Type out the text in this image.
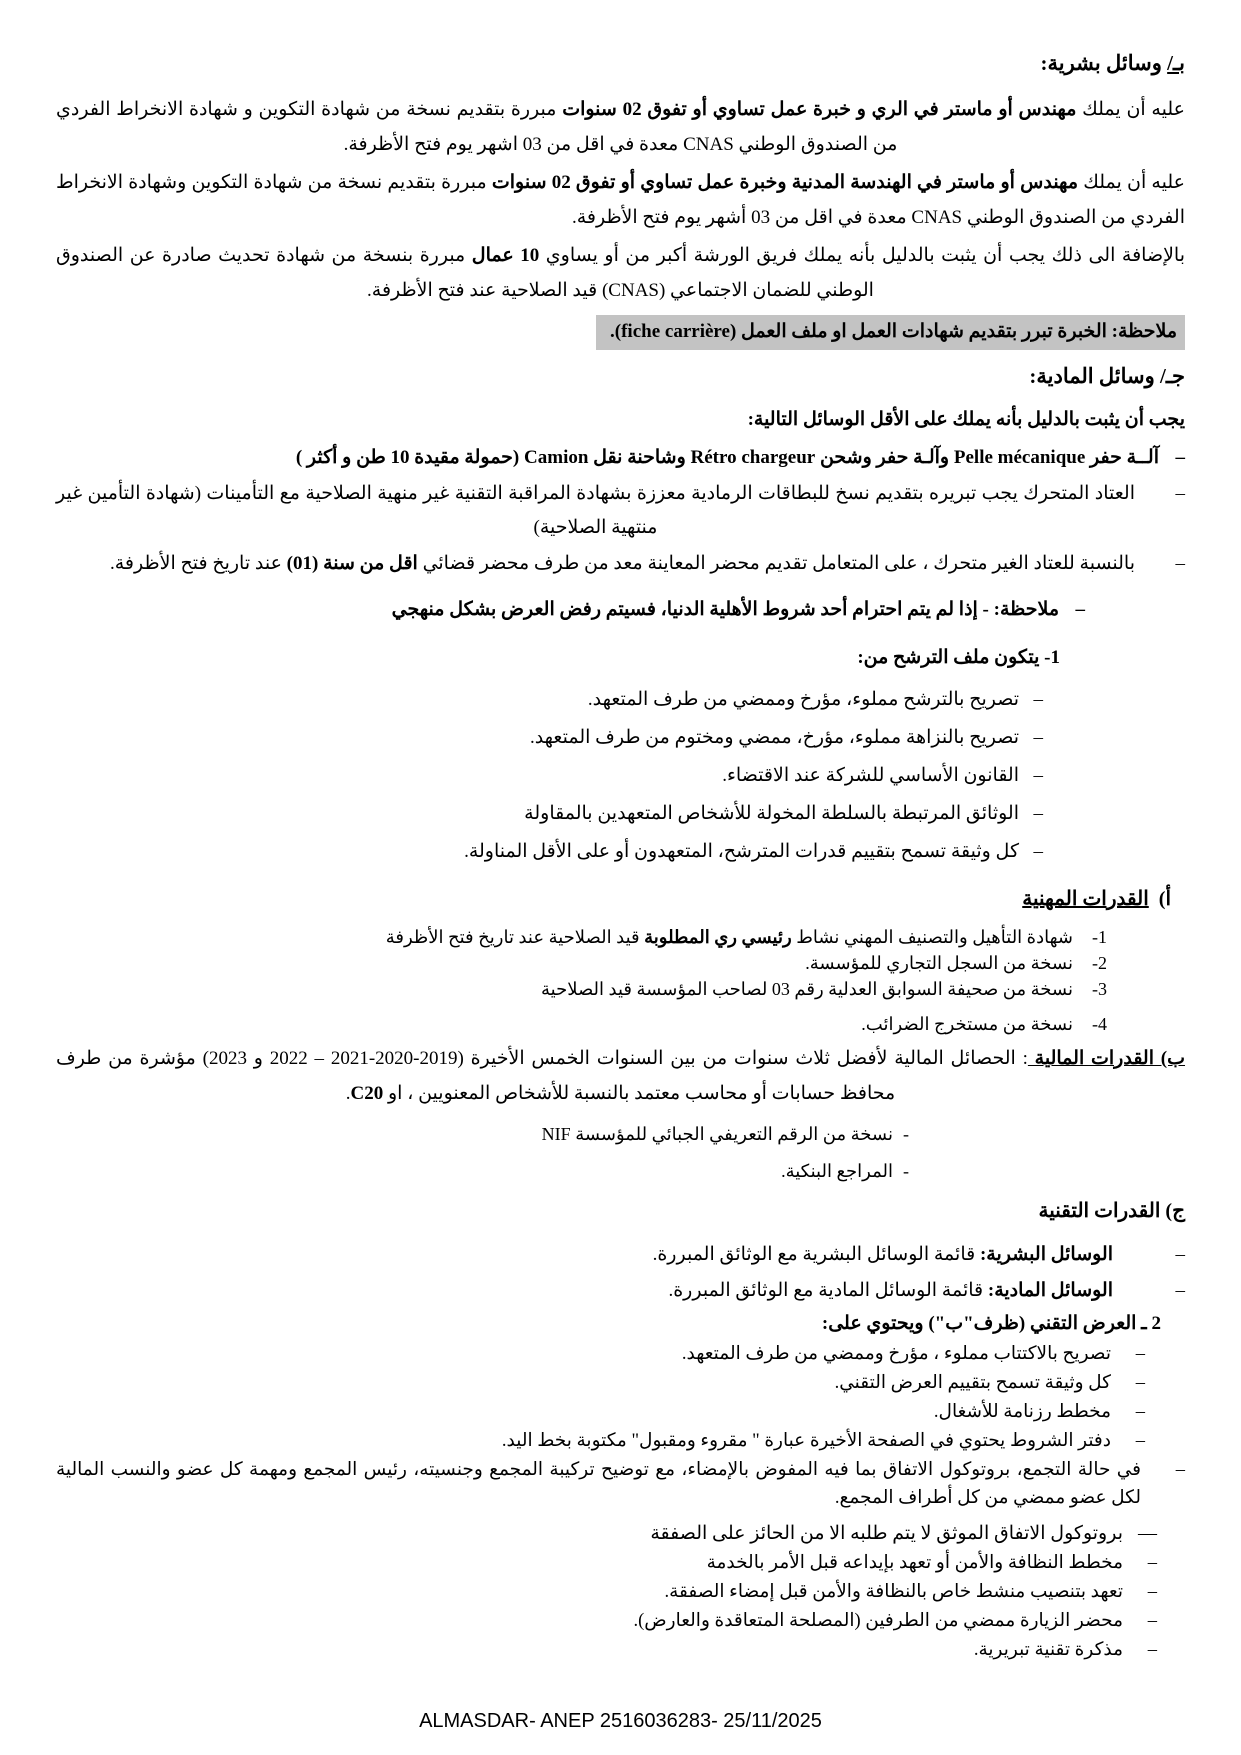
بـ/ وسائل بشرية:

عليه أن يملك مهندس أو ماستر في الري و خبرة عمل تساوي أو تفوق 02 سنوات مبررة بتقديم نسخة من شهادة التكوين و شهادة الانخراط الفردي من الصندوق الوطني CNAS معدة في اقل من 03 اشهر يوم فتح الأظرفة.

عليه أن يملك مهندس أو ماستر في الهندسة المدنية وخبرة عمل تساوي أو تفوق 02 سنوات مبررة بتقديم نسخة من شهادة التكوين وشهادة الانخراط الفردي من الصندوق الوطني CNAS معدة في اقل من 03 أشهر يوم فتح الأظرفة.

بالإضافة الى ذلك يجب أن يثبت بالدليل بأنه يملك فريق الورشة أكبر من أو يساوي 10 عمال مبررة بنسخة من شهادة تحديث صادرة عن الصندوق الوطني للضمان الاجتماعي (CNAS) قيد الصلاحية عند فتح الأظرفة.

ملاحظة: الخبرة تبرر بتقديم شهادات العمل او ملف العمل (fiche carrière).
جـ/ وسائل المادية:
يجب أن يثبت بالدليل بأنه يملك على الأقل الوسائل التالية:
–
آلــة حفر Pelle mécanique وآلـة حفر وشحن Rétro chargeur وشاحنة نقل Camion (حمولة مقيدة 10 طن و أكثر )
–
العتاد المتحرك يجب تبريره بتقديم نسخ للبطاقات الرمادية معززة بشهادة المراقبة التقنية غير منهية الصلاحية مع التأمينات (شهادة التأمين غير منتهية الصلاحية)
–
بالنسبة للعتاد الغير متحرك ، على المتعامل تقديم محضر المعاينة معد من طرف محضر قضائي اقل من سنة (01) عند تاريخ فتح الأظرفة.
–
ملاحظة: - إذا لم يتم احترام أحد شروط الأهلية الدنيا، فسيتم رفض العرض بشكل منهجي
1- يتكون ملف الترشح من:
–
تصريح بالترشح مملوء، مؤرخ وممضي من طرف المتعهد.
–
تصريح بالنزاهة مملوء، مؤرخ، ممضي ومختوم من طرف المتعهد.
–
القانون الأساسي للشركة عند الاقتضاء.
–
الوثائق المرتبطة بالسلطة المخولة للأشخاص المتعهدين بالمقاولة
–
كل وثيقة تسمح بتقييم قدرات المترشح، المتعهدون أو على الأقل المناولة.
أ)  القدرات المهنية
1-
شهادة التأهيل والتصنيف المهني نشاط رئيسي ري المطلوبة قيد الصلاحية عند تاريخ فتح الأظرفة
2-
نسخة من السجل التجاري للمؤسسة.
3-
نسخة من صحيفة السوابق العدلية رقم 03 لصاحب المؤسسة قيد الصلاحية
4-
نسخة من مستخرج الضرائب.

ب) القدرات المالية : الحصائل المالية لأفضل ثلاث سنوات من بين السنوات الخمس الأخيرة (2019-2020-2021 – 2022 و 2023) مؤشرة من طرف محافظ حسابات أو محاسب معتمد بالنسبة للأشخاص المعنويين ، او C20.

-
نسخة من الرقم التعريفي الجبائي للمؤسسة NIF
-
المراجع البنكية.
ج) القدرات التقنية
–
الوسائل البشرية: قائمة الوسائل البشرية مع الوثائق المبررة.
–
الوسائل المادية: قائمة الوسائل المادية مع الوثائق المبررة.
2 ـ العرض التقني (ظرف"ب") ويحتوي على:
–
تصريح بالاكتتاب مملوء ، مؤرخ وممضي من طرف المتعهد.
–
كل وثيقة تسمح بتقييم العرض التقني.
–
مخطط رزنامة للأشغال.
–
دفتر الشروط يحتوي في الصفحة الأخيرة عبارة " مقروء ومقبول" مكتوبة بخط اليد.
–
في حالة التجمع، بروتوكول الاتفاق بما فيه المفوض بالإمضاء، مع توضيح تركيبة المجمع وجنسيته، رئيس المجمع ومهمة كل عضو والنسب المالية لكل عضو ممضي من كل أطراف المجمع.
—
بروتوكول الاتفاق الموثق لا يتم طلبه الا من الحائز على الصفقة
–
مخطط النظافة والأمن أو تعهد بإيداعه قبل الأمر بالخدمة
–
تعهد بتنصيب منشط خاص بالنظافة والأمن قبل إمضاء الصفقة.
–
محضر الزيارة ممضي من الطرفين (المصلحة المتعاقدة والعارض).
–
مذكرة تقنية تبريرية.
ALMASDAR- ANEP 2516036283- 25/11/2025
